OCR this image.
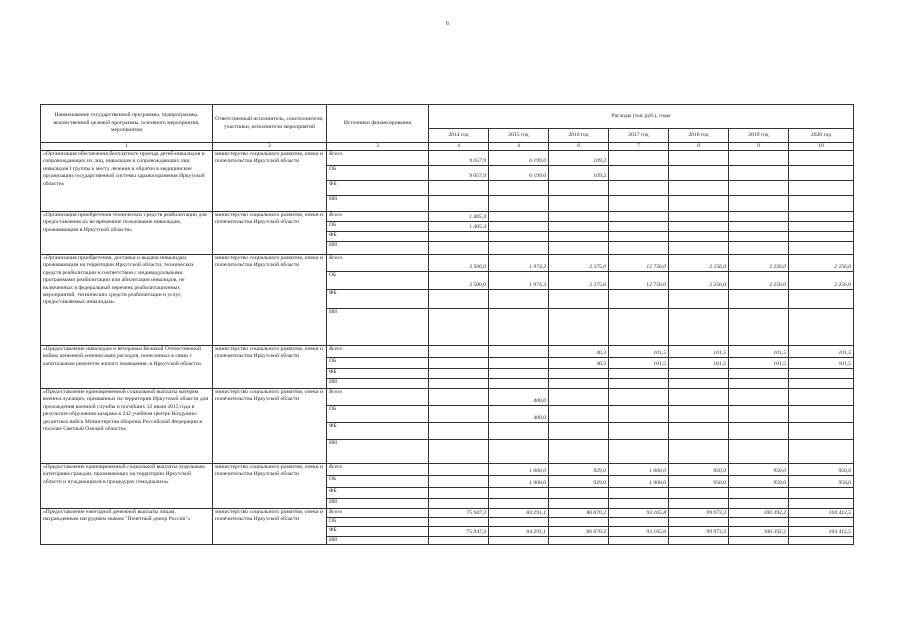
6
Наименование государственной программы, подпрограммы, ведомственной целевой программы, основного мероприятия, мероприятия	Ответственный исполнитель, соисполнители, участники, исполнители мероприятий	Источники финансирования	Расходы (тыс.руб.), годы						
			2014 год	2015 год	2016 год	2017 год	2018 год	2019 год	2020 год
1	2	3	4	4	6	7	8	9	10
«Организация обеспечения бесплатного проезда детей-инвалидов и сопровождающих их лиц, инвалидов и сопровождающих лиц инвалидов I группы к месту лечения и обратно в медицинские организации государственной системы здравоохранения Иркутской области»	министерство социального развития, опеки и попечительства Иркутской области	Всего	9 057,9	6 199,0	109,2				
		ОБ	9 057,9	6 199,0	109,2				
		ФБ							
		ИИ							
«Организация приобретения технических средств реабилитации для предоставления их во временное пользование инвалидам, проживающим в Иркутской области»	министерство социального развития, опеки и попечительства Иркутской области	Всего	1 405,4						
		ОБ	1 405,4						
		ФБ							
		ИИ							
«Организация приобретения, доставки и выдачи инвалидам, проживающим на территории Иркутской области, технических средств реабилитации в соответствии с индивидуальными программами реабилитации или абилитации инвалидов, не включенных в федеральный перечень реабилитационных мероприятий, технических средств реабилитации и услуг, предоставляемых инвалидам»	министерство социального развития, опеки и попечительства Иркутской области	Всего	3 500,0	1 974,3	2 375,0	12 756,0	2 256,0	2 256,0	2 256,0
		ОБ	3 500,0	1 974,3	2 375,0	12 756,0	2 256,0	2 256,0	2 256,0
		ФБ							
		ИИ							
«Предоставление инвалидам и ветеранам Великой Отечественной войны денежной компенсации расходов, понесенных в связи с капитальным ремонтом жилого помещения, в Иркутской области»	министерство социального развития, опеки и попечительства Иркутской области	Всего			40,3	101,5	101,5	101,5	101,5
		ОБ			40,3	101,5	101,5	101,5	101,5
		ФБ							
		ИИ							
«Предоставление единовременной социальной выплаты матерям военнослужащих, призванных на территории Иркутской области для прохождения военной службы и погибших 12 июля 2015 года в результате обрушения казармы в 242 учебном центре Воздушно-десантных войск Министерства обороны Российской Федерации в поселке Светлый Омской области»	министерство социального развития, опеки и попечительства Иркутской области	Всего		400,0					
		ОБ		400,0					
		ФБ							
		ИИ							
«Предоставление единовременной социальной выплаты отдельным категориям граждан, проживающих на территории Иркутской области и нуждающихся в процедурах гемодиализа»	министерство социального развития, опеки и попечительства Иркутской области	Всего		1 000,0	929,0	1 000,0	950,0	950,0	950,0
		ОБ		1 000,0	929,0	1 000,0	950,0	950,0	950,0
		ФБ							
		ИИ							
«Предоставление ежегодной денежной выплаты лицам, награжденным нагрудным знаком "Почетный донор России"»	министерство социального развития, опеки и попечительства Иркутской области	Всего	75 947,3	84 291,1	86 670,2	93 165,8	99 973,3	100 392,2	104 412,5
		ОБ							
		ФБ	75 947,3	84 291,1	86 670,2	93 165,8	99 973,3	100 392,2	104 412,5
		ИИ							
